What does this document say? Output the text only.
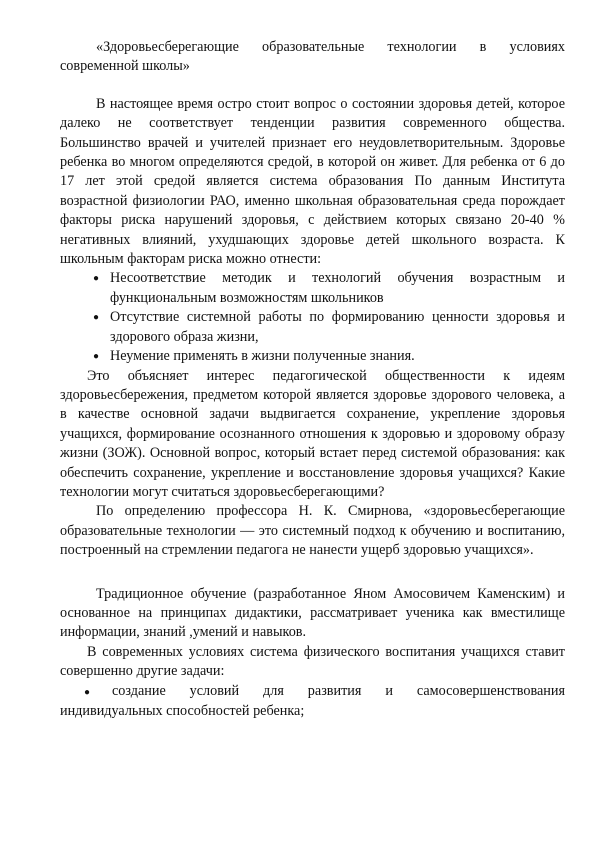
«Здоровьесберегающие образовательные технологии в условиях современной школы»

В настоящее время остро стоит вопрос о состоянии здоровья детей, которое далеко не соответствует тенденции развития современного общества. Большинство врачей и учителей признает его неудовлетворительным. Здоровье ребенка во многом определяются средой, в которой он живет. Для ребенка от 6 до 17 лет этой средой является система образования По данным Института возрастной физиологии РАО, именно школьная образовательная среда порождает факторы риска нарушений здоровья, с действием которых связано 20-40 % негативных влияний, ухудшающих здоровье детей школьного возраста. К школьным факторам риска можно отнести:

● Несоответствие методик и технологий обучения возрастным и функциональным возможностям школьников
● Отсутствие системной работы по формированию ценности здоровья и здорового образа жизни,
● Неумение применять в жизни полученные знания.

Это объясняет интерес педагогической общественности к идеям здоровьесбережения, предметом которой является здоровье здорового человека, а в качестве основной задачи выдвигается сохранение, укрепление здоровья учащихся, формирование осознанного отношения к здоровью и здоровому образу жизни (ЗОЖ). Основной вопрос, который встает перед системой образования: как обеспечить сохранение, укрепление и восстановление здоровья учащихся? Какие технологии могут считаться здоровьесберегающими?

По определению профессора Н. К. Смирнова, «здоровьесберегающие образовательные технологии — это системный подход к обучению и воспитанию, построенный на стремлении педагога не нанести ущерб здоровью учащихся».

Традиционное обучение (разработанное Яном Амосовичем Каменским) и основанное на принципах дидактики, рассматривает ученика как вместилище информации, знаний ,умений и навыков.

В современных условиях система физического воспитания учащихся ставит совершенно другие задачи:

● создание условий для развития и самосовершенствования индивидуальных способностей ребенка;
